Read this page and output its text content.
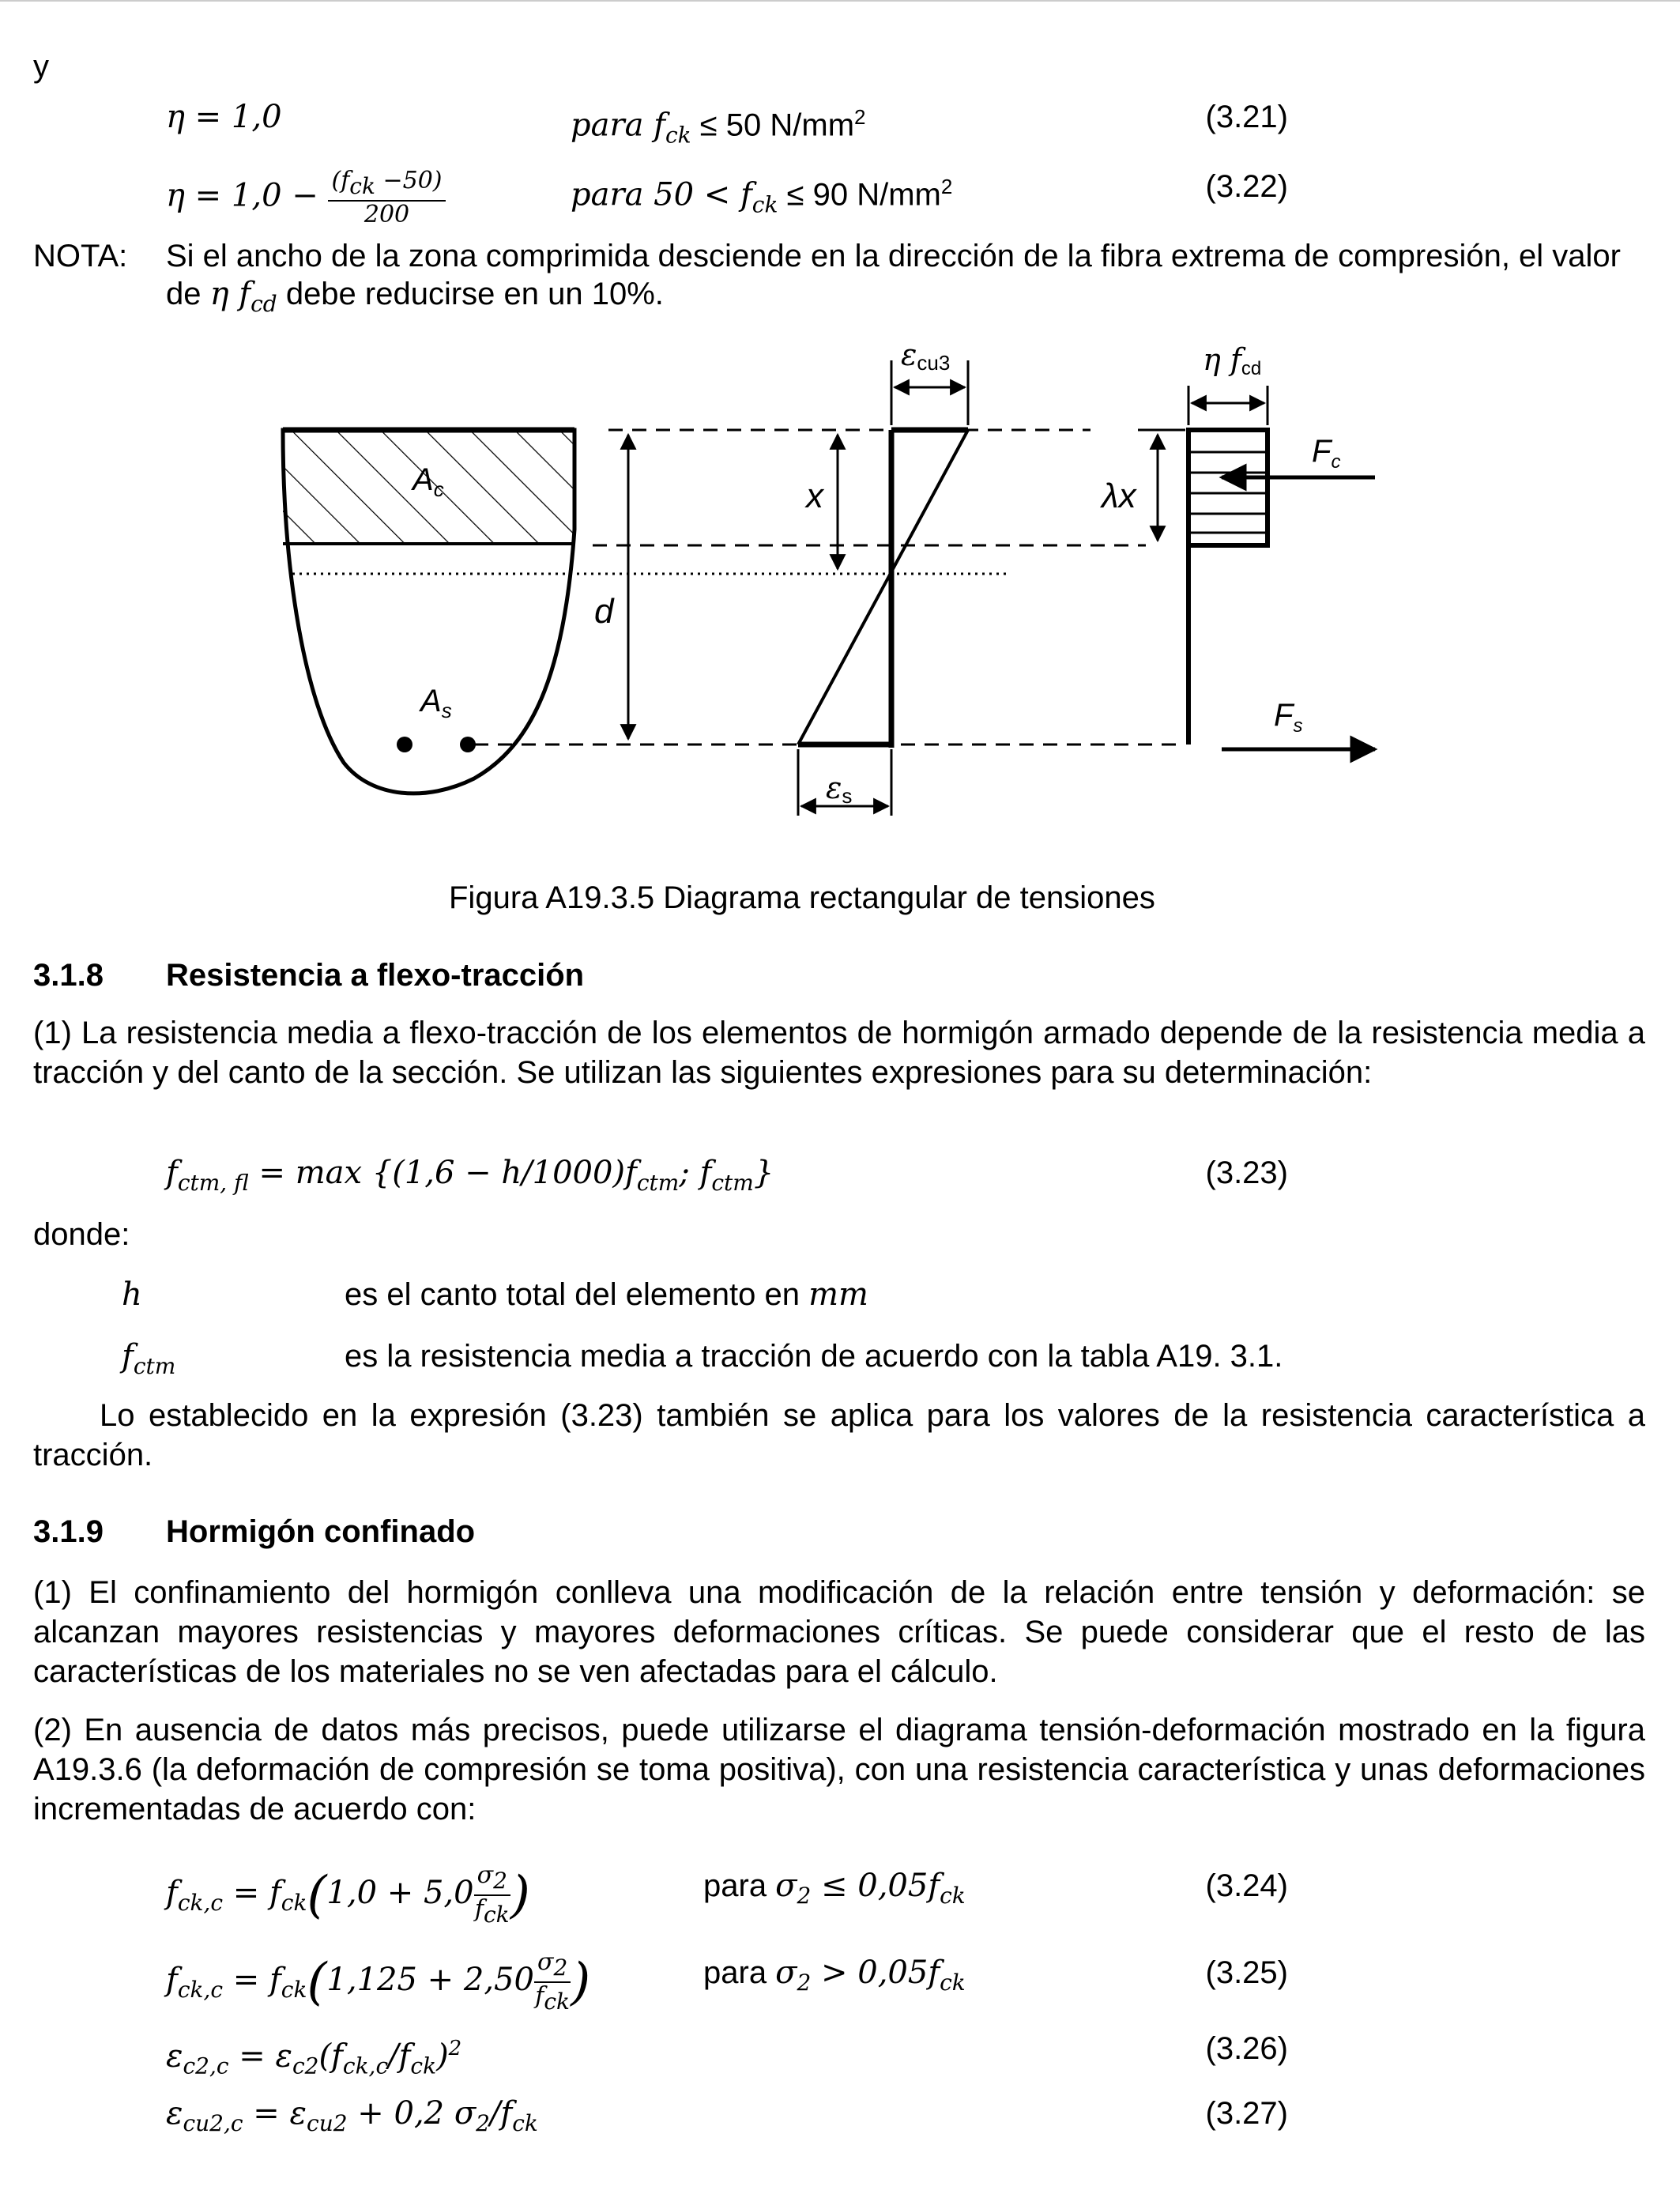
y
η = 1,0	para $f_{ck} \le 50$ $N/mm^2$	(3.21)
$\eta = 1,0 - \frac{(f_{ck} -50)}{200}$	para $50 < f_{ck} \le 90$ $N/mm^2$	(3.22)
NOTA: Si el ancho de la zona comprimida desciende en la dirección de la fibra extrema de compresión, el valor
de η $f_{cd}$ debe reducirse en un 10%.
$A_c$
$A_s$
d
x	λx
εcu3
εs
η fcd
$F_c$
$F_s$
Figura A19.3.5 Diagrama rectangular de tensiones
3.1.8 Resistencia a flexo-tracción
(1) La resistencia media a flexo-tracción de los elementos de hormigón armado depende de la resistencia media a tracción y del canto de la sección. Se utilizan las siguientes expresiones para su determinación:
$f_{ctm, fl} = \max \{(1,6 - h/1000)f_{ctm}$; $f_{ctm}$}	(3.23)
donde:
h	es el canto total del elemento en mm
$f_{ctm}$	es la resistencia media a tracción de acuerdo con la tabla A19. 3.1.
Lo establecido en la expresión (3.23) también se aplica para los valores de la resistencia característica a tracción.
3.1.9 Hormigón confinado
(1) El confinamiento del hormigón conlleva una modificación de la relación entre tensión y deformación: se alcanzan mayores resistencias y mayores deformaciones críticas. Se puede considerar que el resto de las características de los materiales no se ven afectadas para el cálculo.
(2) En ausencia de datos más precisos, puede utilizarse el diagrama tensión-deformación mostrado en la figura A19.3.6 (la deformación de compresión se toma positiva), con una resistencia característica y unas deformaciones incrementadas de acuerdo con:
$f_{ck,c} = f_{ck}(1,0 + 5,0 \frac{\sigma_2}{f_{ck}}$ )	para $\sigma_2 \le 0,05f_{ck}$	(3.24)
$f_{ck,c} = f_{ck}(1,125 + 2,50 \frac{\sigma_2}{f_{ck}}$ )	para $\sigma_2 > 0,05f_{ck}$	(3.25)
$\varepsilon_{c2,c} = \varepsilon_{c2}(f_{ck,c}/f_{ck})^2$	(3.26)
$\varepsilon_{cu2,c} = \varepsilon_{cu2} + 0,2$ $\sigma_2/f_{ck}$	(3.27)
